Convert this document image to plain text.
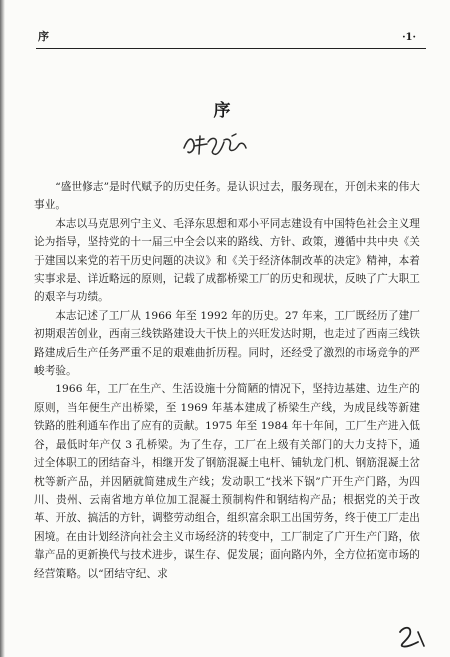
序	·1·
序

“盛世修志”是时代赋予的历史任务。是认识过去，服务现在，开创未来的伟大事业。

本志以马克思列宁主义、毛泽东思想和邓小平同志建设有中国特色社会主义理论为指导，坚持党的十一届三中全会以来的路线、方针、政策，遵循中共中央《关于建国以来党的若干历史问题的决议》和《关于经济体制改革的决定》精神，本着实事求是、详近略远的原则，记载了成都桥梁工厂的历史和现状，反映了广大职工的艰辛与功绩。

本志记述了工厂从 1966 年至 1992 年的历史。27 年来，工厂既经历了建厂初期艰苦创业，西南三线铁路建设大干快上的兴旺发达时期，也走过了西南三线铁路建成后生产任务严重不足的艰难曲折历程。同时，还经受了激烈的市场竞争的严峻考验。

1966 年，工厂在生产、生活设施十分简陋的情况下，坚持边基建、边生产的原则，当年便生产出桥梁，至 1969 年基本建成了桥梁生产线，为成昆线等新建铁路的胜利通车作出了应有的贡献。1975 年至 1984 年十年间，工厂生产进入低谷，最低时年产仅 3 孔桥梁。为了生存，工厂在上级有关部门的大力支持下，通过全体职工的团结奋斗，相继开发了钢筋混凝土电杆、铺轨龙门机、钢筋混凝土岔枕等新产品，并因陋就简建成生产线；发动职工“找米下锅”广开生产门路，为四川、贵州、云南省地方单位加工混凝土预制构件和钢结构产品；根据党的关于改革、开放、搞活的方针，调整劳动组合，组织富余职工出国劳务，终于使工厂走出困境。在由计划经济向社会主义市场经济的转变中，工厂制定了广开生产门路，依靠产品的更新换代与技术进步，谋生存、促发展；面向路内外，全方位拓宽市场的经营策略。以“团结守纪、求
